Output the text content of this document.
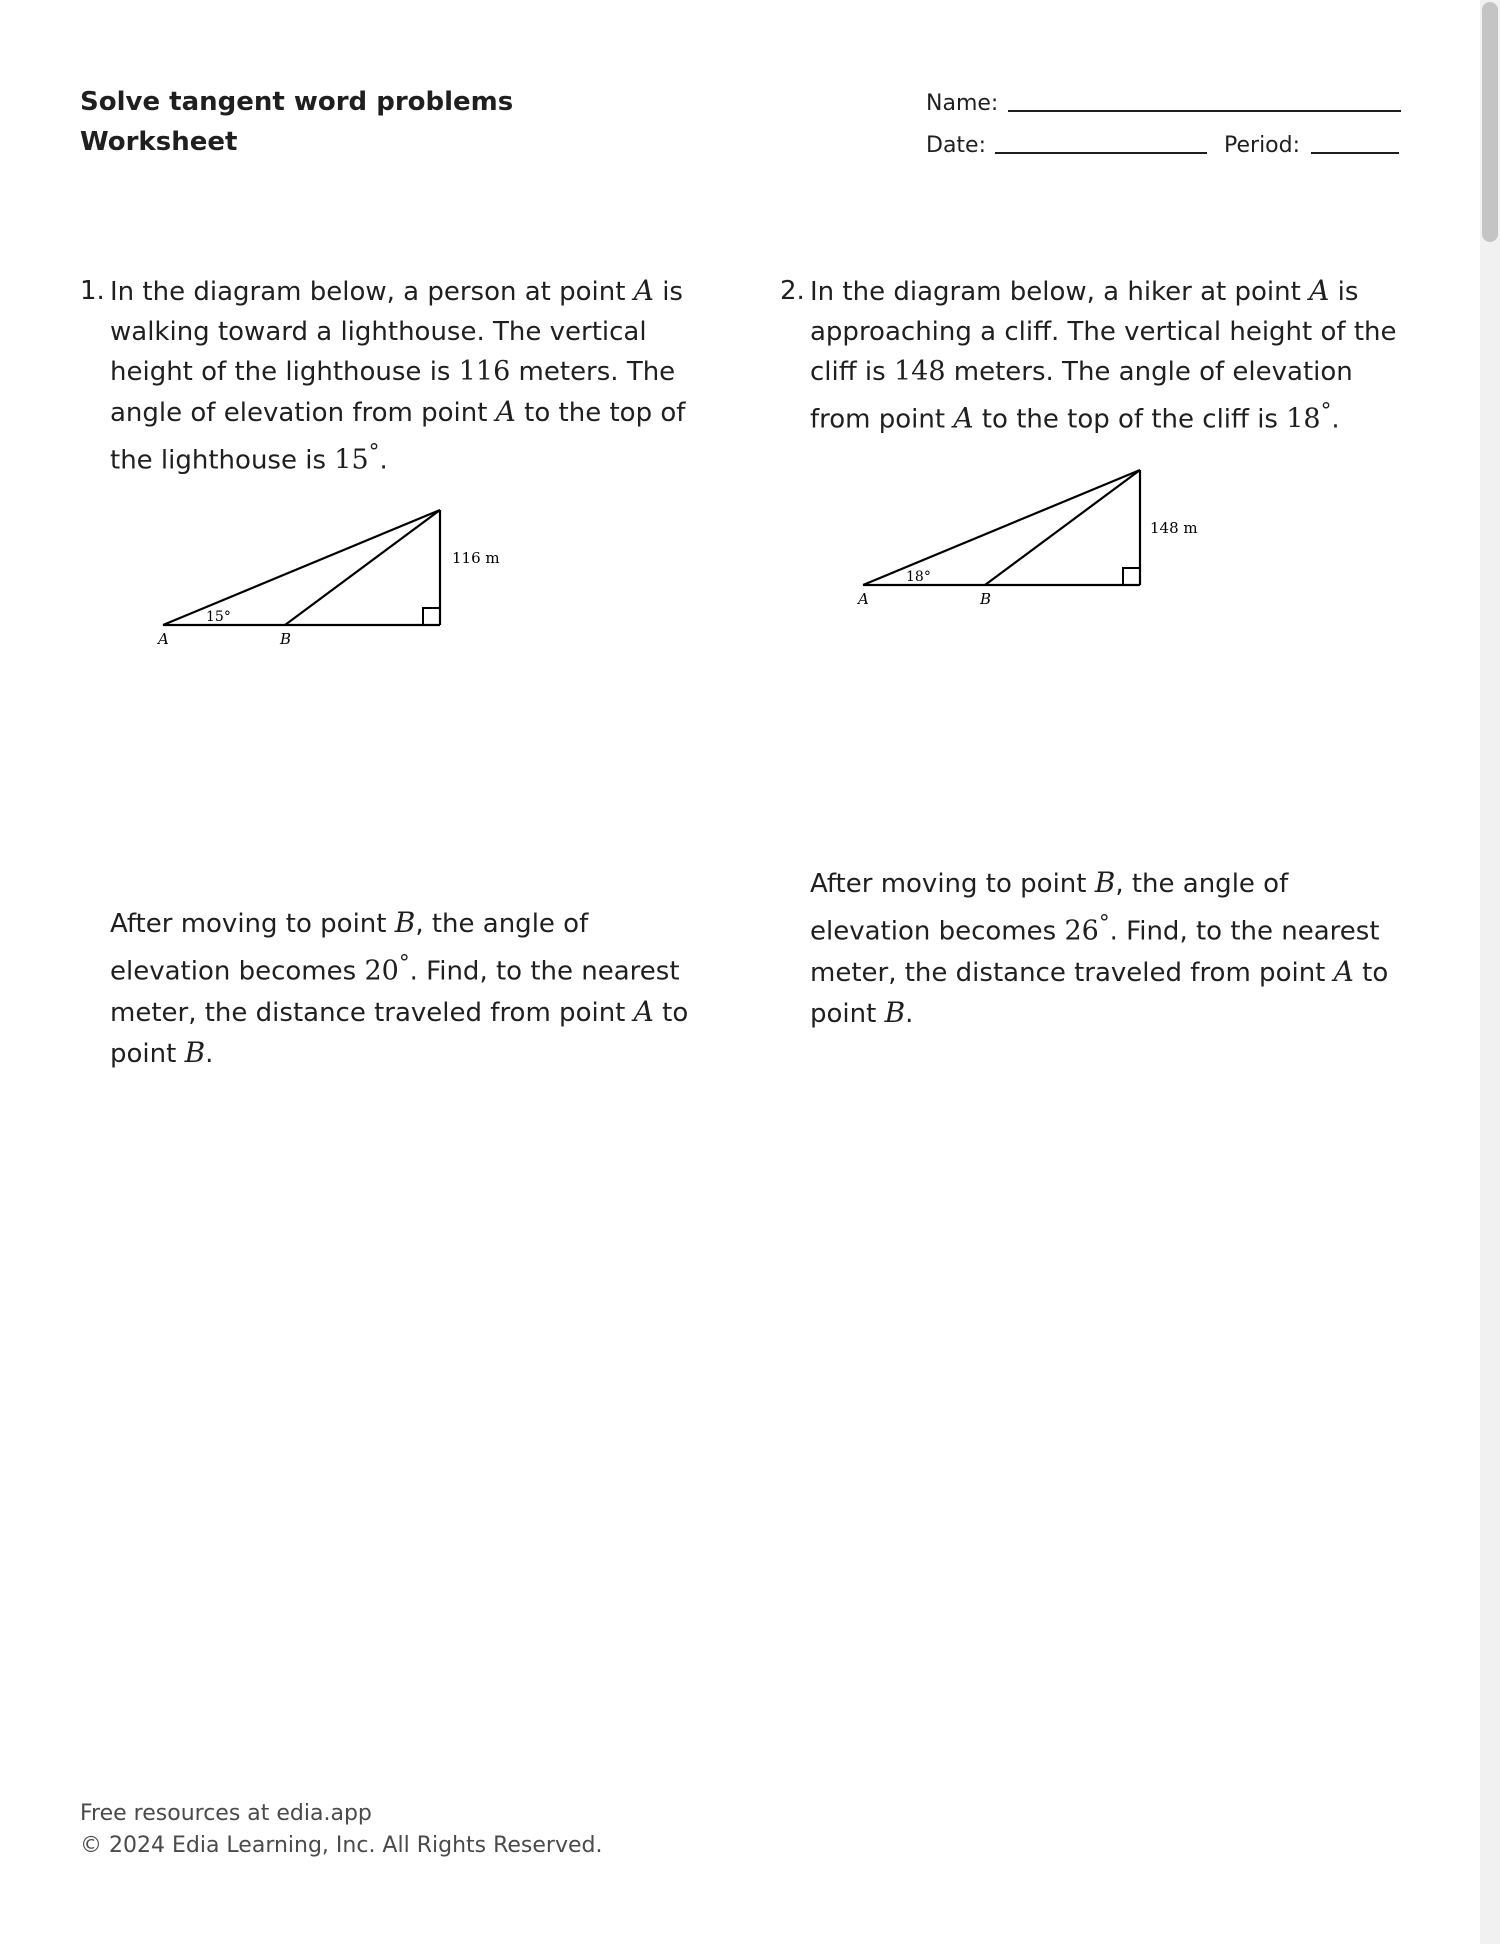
Solve tangent word problems
Worksheet
Name:
Date:	Period:
1. In the diagram below, a person at point A is walking toward a lighthouse. The vertical height of the lighthouse is 116 meters. The angle of elevation from point A to the top of the lighthouse is 15°.
116 m
15°
A	B
After moving to point B, the angle of elevation becomes 20°. Find, to the nearest meter, the distance traveled from point A to point B.
2. In the diagram below, a hiker at point A is approaching a cliff. The vertical height of the cliff is 148 meters. The angle of elevation from point A to the top of the cliff is 18°.
148 m
18°
A	B
After moving to point B, the angle of elevation becomes 26°. Find, to the nearest meter, the distance traveled from point A to point B.
Free resources at edia.app
© 2024 Edia Learning, Inc. All Rights Reserved.
